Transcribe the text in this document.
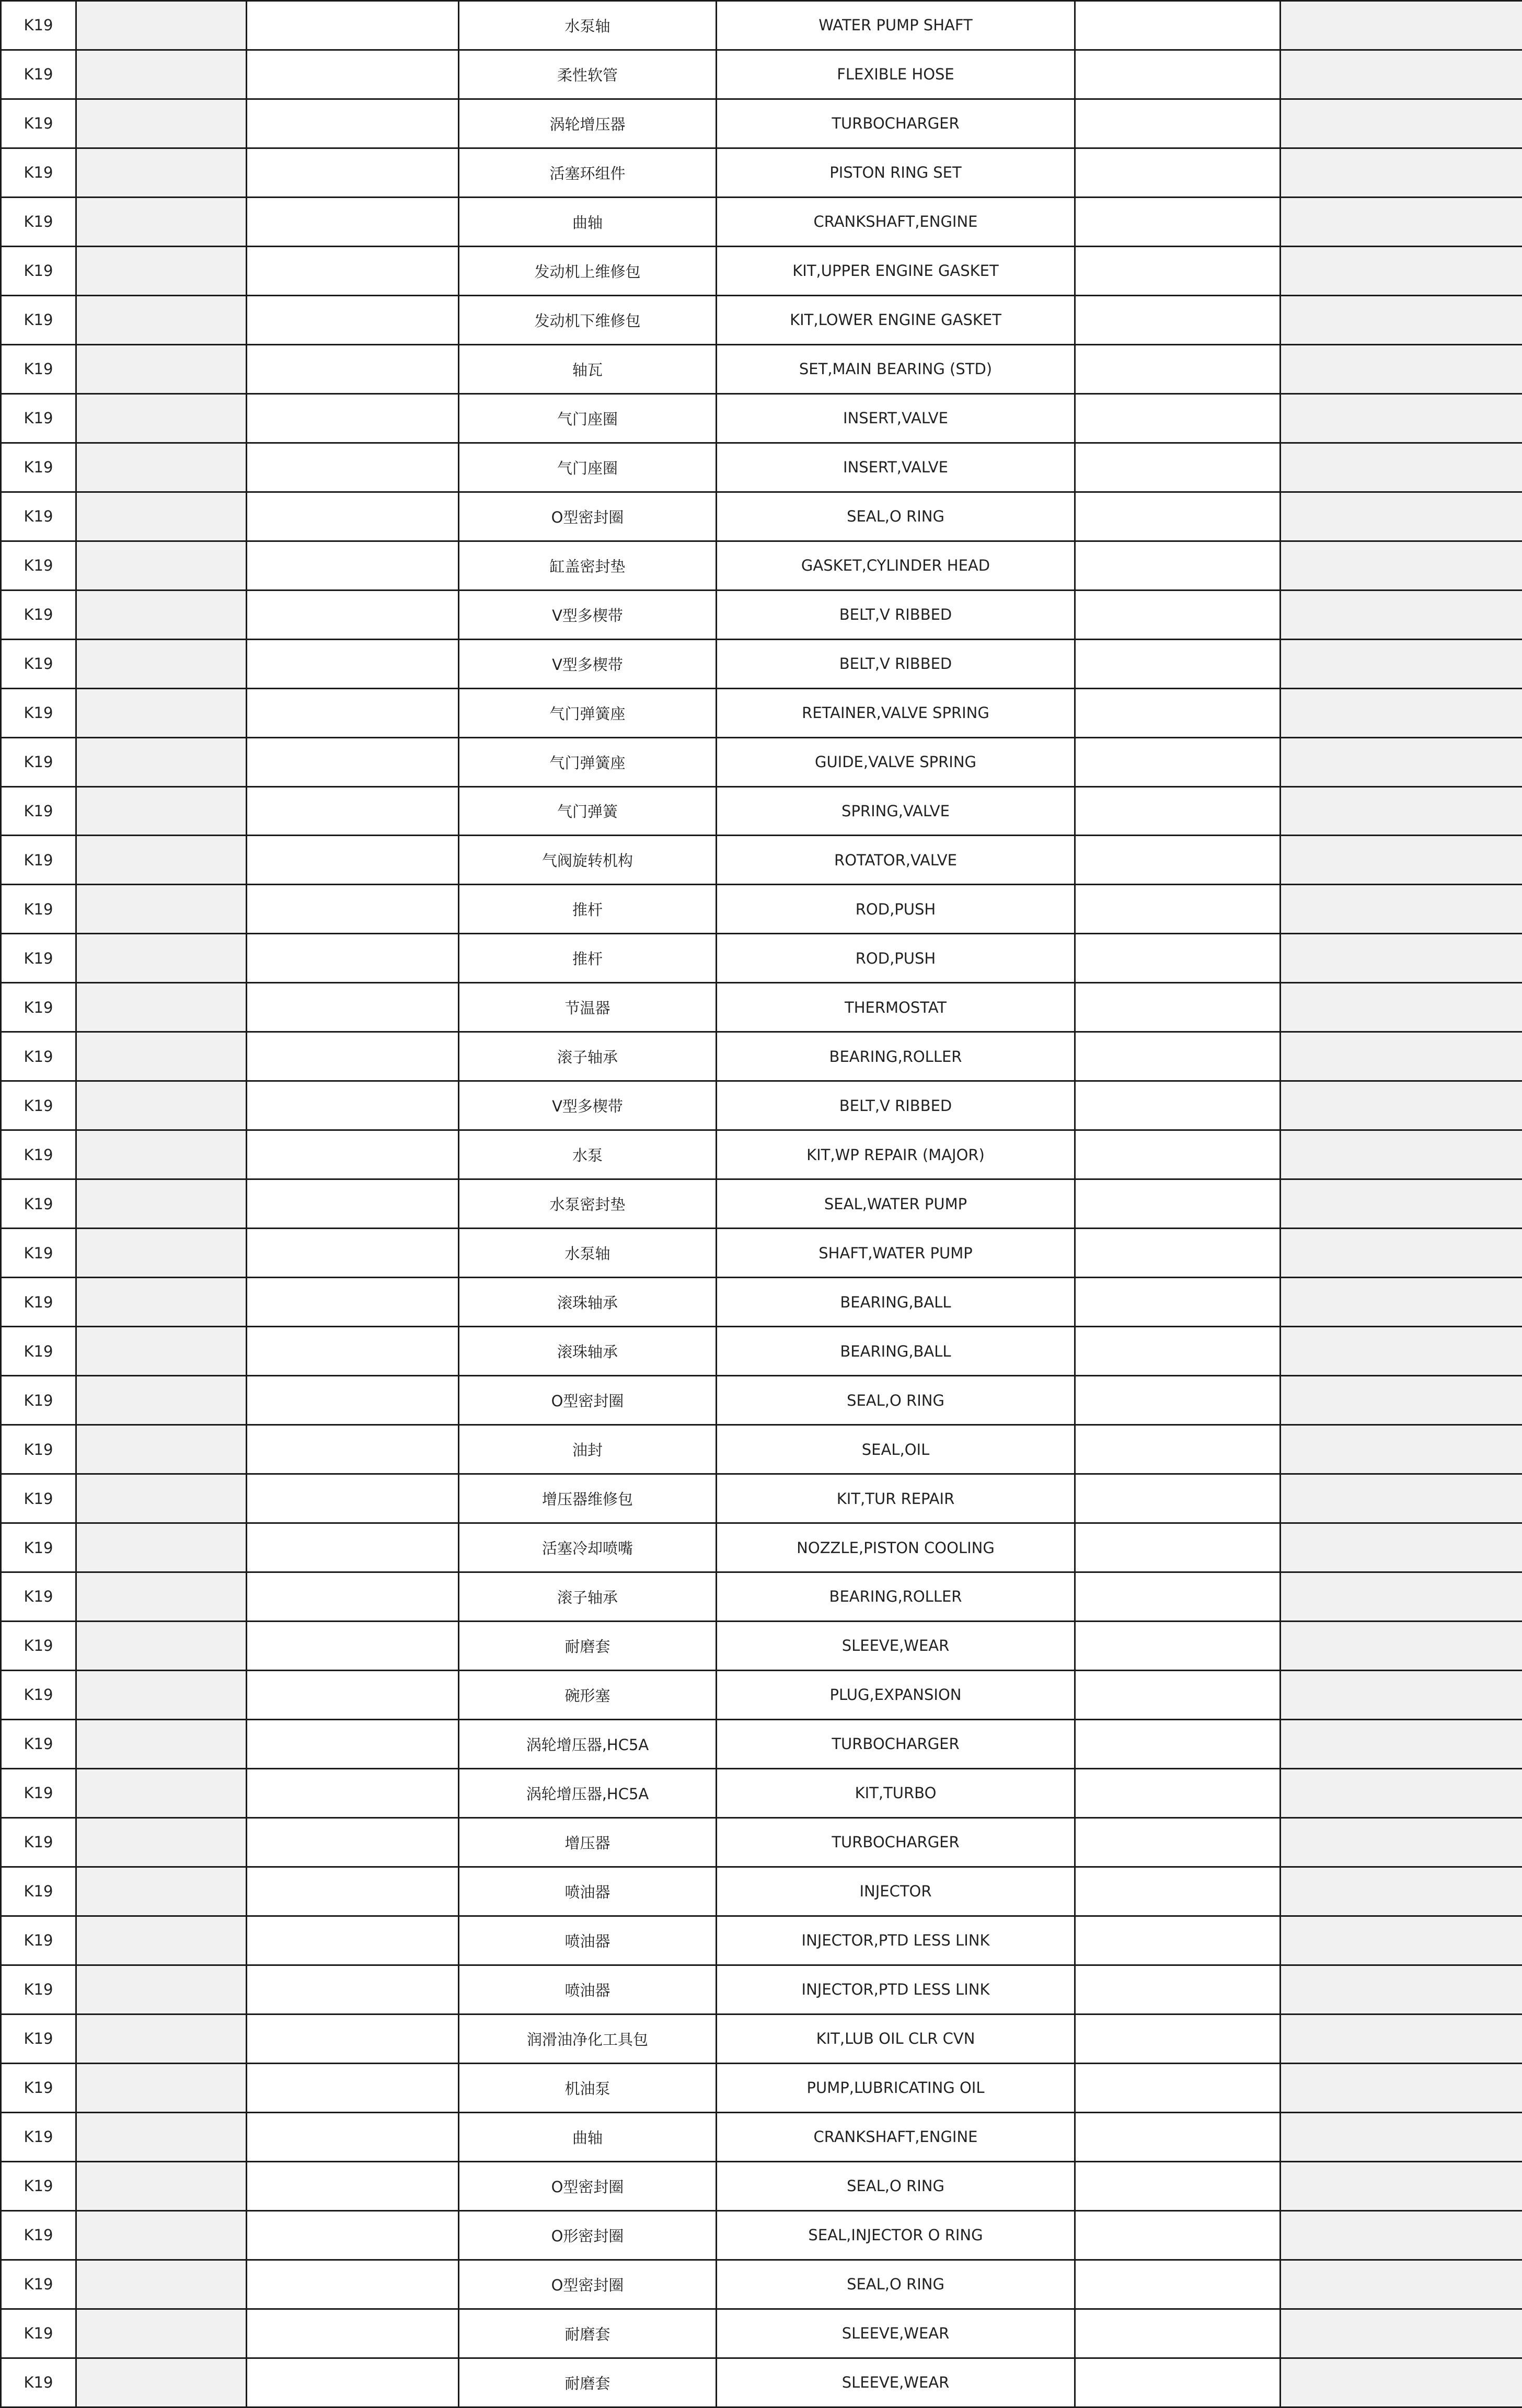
K19			水泵轴	WATER PUMP SHAFT		
K19			柔性软管	FLEXIBLE HOSE		
K19			涡轮增压器	TURBOCHARGER		
K19			活塞环组件	PISTON RING SET		
K19			曲轴	CRANKSHAFT,ENGINE		
K19			发动机上维修包	KIT,UPPER ENGINE GASKET		
K19			发动机下维修包	KIT,LOWER ENGINE GASKET		
K19			轴瓦	SET,MAIN BEARING (STD)		
K19			气门座圈	INSERT,VALVE		
K19			气门座圈	INSERT,VALVE		
K19			O型密封圈	SEAL,O RING		
K19			缸盖密封垫	GASKET,CYLINDER HEAD		
K19			V型多楔带	BELT,V RIBBED		
K19			V型多楔带	BELT,V RIBBED		
K19			气门弹簧座	RETAINER,VALVE SPRING		
K19			气门弹簧座	GUIDE,VALVE SPRING		
K19			气门弹簧	SPRING,VALVE		
K19			气阀旋转机构	ROTATOR,VALVE		
K19			推杆	ROD,PUSH		
K19			推杆	ROD,PUSH		
K19			节温器	THERMOSTAT		
K19			滚子轴承	BEARING,ROLLER		
K19			V型多楔带	BELT,V RIBBED		
K19			水泵	KIT,WP REPAIR (MAJOR)		
K19			水泵密封垫	SEAL,WATER PUMP		
K19			水泵轴	SHAFT,WATER PUMP		
K19			滚珠轴承	BEARING,BALL		
K19			滚珠轴承	BEARING,BALL		
K19			O型密封圈	SEAL,O RING		
K19			油封	SEAL,OIL		
K19			增压器维修包	KIT,TUR REPAIR		
K19			活塞冷却喷嘴	NOZZLE,PISTON COOLING		
K19			滚子轴承	BEARING,ROLLER		
K19			耐磨套	SLEEVE,WEAR		
K19			碗形塞	PLUG,EXPANSION		
K19			涡轮增压器,HC5A	TURBOCHARGER		
K19			涡轮增压器,HC5A	KIT,TURBO		
K19			增压器	TURBOCHARGER		
K19			喷油器	INJECTOR		
K19			喷油器	INJECTOR,PTD LESS LINK		
K19			喷油器	INJECTOR,PTD LESS LINK		
K19			润滑油净化工具包	KIT,LUB OIL CLR CVN		
K19			机油泵	PUMP,LUBRICATING OIL		
K19			曲轴	CRANKSHAFT,ENGINE		
K19			O型密封圈	SEAL,O RING		
K19			O形密封圈	SEAL,INJECTOR O RING		
K19			O型密封圈	SEAL,O RING		
K19			耐磨套	SLEEVE,WEAR		
K19			耐磨套	SLEEVE,WEAR		
